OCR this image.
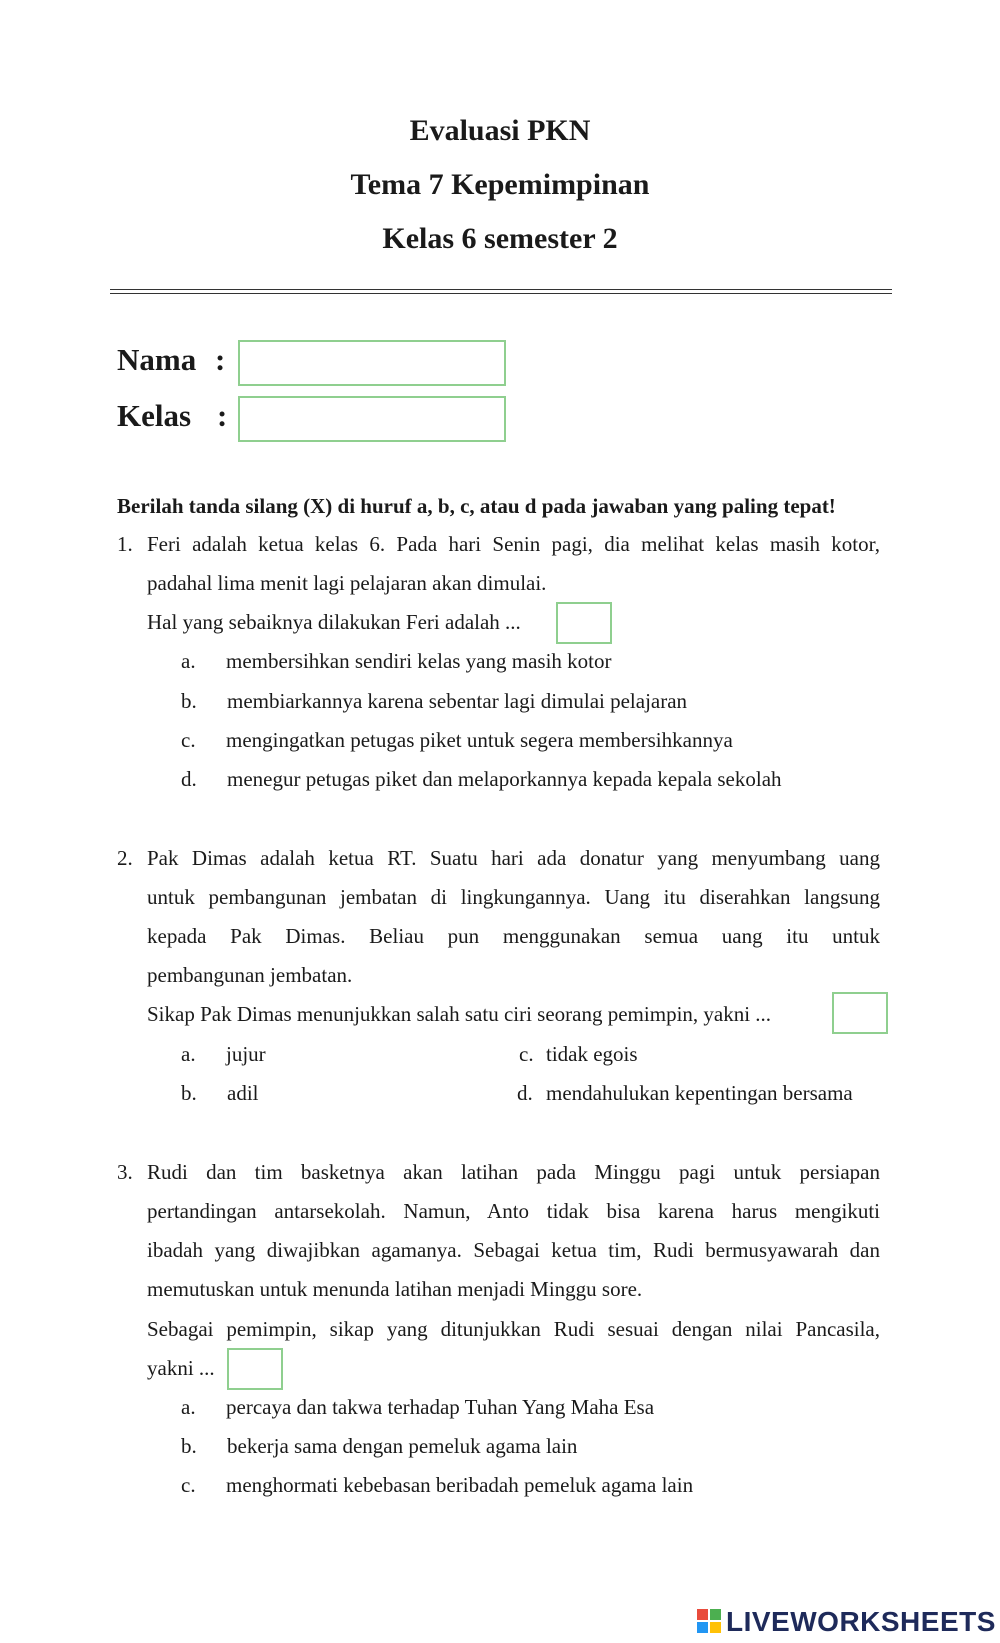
Evaluasi PKN
Tema 7 Kepemimpinan
Kelas 6 semester 2
Nama :
Kelas :
Berilah tanda silang (X) di huruf a, b, c, atau d pada jawaban yang paling tepat!
1. Feri adalah ketua kelas 6. Pada hari Senin pagi, dia melihat kelas masih kotor,
padahal lima menit lagi pelajaran akan dimulai.
Hal yang sebaiknya dilakukan Feri adalah ...
a. membersihkan sendiri kelas yang masih kotor
b. membiarkannya karena sebentar lagi dimulai pelajaran
c. mengingatkan petugas piket untuk segera membersihkannya
d. menegur petugas piket dan melaporkannya kepada kepala sekolah
2. Pak Dimas adalah ketua RT. Suatu hari ada donatur yang menyumbang uang
untuk pembangunan jembatan di lingkungannya. Uang itu diserahkan langsung
kepada Pak Dimas. Beliau pun menggunakan semua uang itu untuk
pembangunan jembatan.
Sikap Pak Dimas menunjukkan salah satu ciri seorang pemimpin, yakni ...
a. jujur	c. tidak egois
b. adil	d. mendahulukan kepentingan bersama
3. Rudi dan tim basketnya akan latihan pada Minggu pagi untuk persiapan
pertandingan antarsekolah. Namun, Anto tidak bisa karena harus mengikuti
ibadah yang diwajibkan agamanya. Sebagai ketua tim, Rudi bermusyawarah dan
memutuskan untuk menunda latihan menjadi Minggu sore.
Sebagai pemimpin, sikap yang ditunjukkan Rudi sesuai dengan nilai Pancasila,
yakni ...
a. percaya dan takwa terhadap Tuhan Yang Maha Esa
b. bekerja sama dengan pemeluk agama lain
c. menghormati kebebasan beribadah pemeluk agama lain
LIVEWORKSHEETS
